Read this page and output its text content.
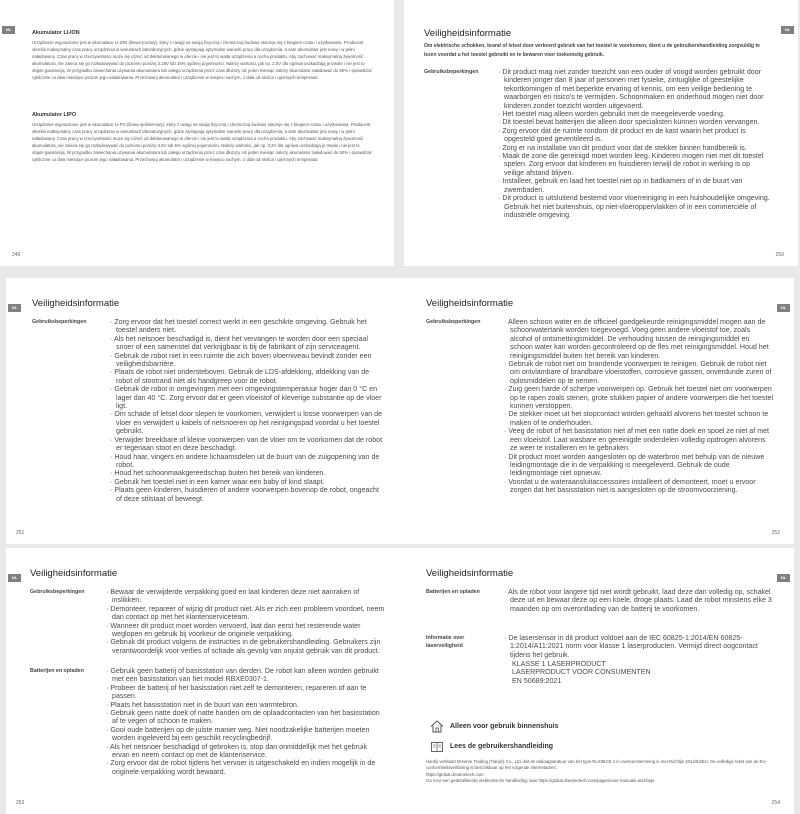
NL
Akumulator LI-ION
Urządzenie wyposażone jest w akumulator LI-ION (litowo-jonowy), który z uwagi na swoją fizyczną i chemiczną budowę starzeje się z biegiem czasu i użytkowania. Producent określa maksymalny czas pracy urządzenia w warunkach laboratoryjnych, gdzie występują optymalne warunki pracy dla urządzenia, a sam akumulator jest nowy i w pełni naładowany. Czas pracy w rzeczywistości może się różnić od deklarowanego w ofercie i nie jest to wada urządzenia a cecha produktu. Aby zachować maksymalną żywotność akumulatora, nie zaleca się go rozładowywać do poziomu poniżej 3,18V lub 15% ogólnej pojemności. Należy wartości, jak np. 2,5V dla ogniwa uszkadzają je trwale i nie jest to objęte gwarancją. W przypadku zaniechania używania akumulatora lub całego urządzenia przez czas dłuższy niż jeden miesiąc należy akumulator naładować do 50% i sprawdzać cyklicznie co dwa miesiące poziom jego naładowania. Przechowuj akumulator i urządzenie w miejscu suchym, z dala od słońca i ujemnych temperatur.
Akumulator LIPO
Urządzenie wyposażone jest w akumulator LI-PO (litowo-polimerowy), który z uwagi na swoją fizyczną i chemiczną budowę starzeje się z biegiem czasu i użytkowania. Producent określa maksymalny czas pracy urządzenia w warunkach laboratoryjnych, gdzie występują optymalne warunki pracy dla urządzenia, a sam akumulator jest nowy i w pełni naładowany. Czas pracy w rzeczywistości może się różnić od deklarowanego w ofercie i nie jest to wada urządzenia a cecha produktu. Aby zachować maksymalną żywotność akumulatora, nie zaleca się go rozładowywać do poziomu poniżej 3,5V lub 5% ogólnej pojemności. Należy wartości, jak np. 3,2V dla ogniwa uszkadzają je trwale i nie jest to objęte gwarancją. W przypadku zaniechania używania akumulatora lub całego urządzenia przez czas dłuższy niż jeden miesiąc należy akumulator naładować do 50% i sprawdzać cyklicznie co dwa miesiące poziom jego naładowania. Przechowuj akumulator i urządzenie w miejscu suchym, z dala od słońca i ujemnych temperatur.
249
NL
Veiligheidsinformatie
Om elektrische schokken, brand of letsel door verkeerd gebruik van het toestel te voorkomen, dient u de gebruikershandleiding zorgvuldig te lezen voordat u het toestel gebruikt en te bewaren voor toekomstig gebruik.
Gebruiksbeperkingen	· Dit product mag niet zonder toezicht van een ouder of voogd worden gebruikt door kinderen jonger dan 8 jaar of personen met fysieke, zintuiglijke of geestelijke tekortkomingen of met beperkte ervaring of kennis, om een veilige bediening te waarborgen en risico's te vermijden. Schoonmaken en onderhoud mogen niet door kinderen zonder toezicht worden uitgevoerd.
· Het toestel mag alleen worden gebruikt met de meegeleverde voeding.
· Dit toestel bevat batterijen die alleen door specialisten kunnen worden vervangen.
· Zorg ervoor dat de ruimte rondom dit product en de kast waarin het product is opgesteld goed geventileerd is.
· Zorg er na installatie van dit product voor dat de stekker binnen handbereik is.
· Maak de zone die gereinigd moet worden leeg. Kinderen mogen niet met dit toestel spelen. Zorg ervoor dat kinderen en huisdieren terwijl de robot in werking is op veilige afstand blijven.
· Installeer, gebruik en laad het toestel niet op in badkamers of in de buurt van zwembaden.
· Dit product is uitsluitend bestemd voor vloerreiniging in een huishoudelijke omgeving. Gebruik het niet buitenshuis, op niet-vloeroppervlakken of in een commerciële of industriële omgeving.
250
NL	Veiligheidsinformatie
Gebruiksbeperkingen	· Zorg ervoor dat het toestel correct werkt in een geschikte omgeving. Gebruik het toestel anders niet.
· Als het netsnoer beschadigd is, dient het vervangen te worden door een speciaal snoer of een samenstel dat verkrijgbaar is bij de fabrikant of zijn serviceagent.
· Gebruik de robot niet in een ruimte die zich boven vloerniveau bevindt zonder een veiligheidsbarrière.
· Plaats de robot niet ondersteboven. Gebruik de LDS-afdekking, afdekking van de robot of stootrand niet als handgreep voor de robot.
· Gebruik de robot in omgevingen met een omgevingstemperatuur hoger dan 0 °C en lager dan 40 °C. Zorg ervoor dat er geen vloeistof of kleverige substantie op de vloer ligt.
· Om schade of letsel door slepen te voorkomen, verwijdert u losse voorwerpen van de vloer en verwijdert u kabels of netsnoeren op het reinigingspad voordat u het toestel gebruikt.
· Verwijder breekbare of kleine voorwerpen van de vloer om te voorkomen dat de robot er tegenaan stoot en deze beschadigt.
· Houd haar, vingers en andere lichaamsdelen uit de buurt van de zuigopening van de robot.
· Houd het schoonmaakgereedschap buiten het bereik van kinderen.
· Gebruik het toestel niet in een kamer waar een baby of kind slaapt.
· Plaats geen kinderen, huisdieren of andere voorwerpen bovenop de robot, ongeacht of deze stilstaat of beweegt.
251
NL
Veiligheidsinformatie
Gebruiksbeperkingen	· Alleen schoon water en de officieel goedgekeurde reinigingsmiddel mogen aan de schoonwatertank worden toegevoegd. Voeg geen andere vloeistof toe, zoals alcohol of ontsmettingsmiddel. De verhouding tussen de reinigingsmiddel en schoon water kan worden gecontroleerd op de fles met reinigingsmiddel. Houd het reinigingsmiddel buiten het bereik van kinderen.
· Gebruik de robot niet om brandende voorwerpen te reinigen. Gebruik de robot niet om ontvlambare of brandbare vloeistoffen, corrosieve gassen, onverdunde zuren of oplosmiddelen op te nemen.
· Zuig geen harde of scherpe voorwerpen op. Gebruik het toestel niet om voorwerpen op te rapen zoals stenen, grote stukken papier of andere voorwerpen die het toestel kunnen verstoppen.
· De stekker moet uit het stopcontact worden gehaald alvorens het toestel schoon te maken of te onderhouden.
· Veeg de robot of het basisstation niet af met een natte doek en spoel ze niet af met een vloeistof. Laat wasbare en gereinigde onderdelen volledig opdrogen alvorens ze weer te installeren en te gebruiken.
· Dit product moet worden aangesloten op de waterbron met behulp van de nieuwe leidingmontage die in de verpakking is meegeleverd. Gebruik de oude leidingmontage niet opnieuw.
· Voordat u de wateraansluitaccessoires installeert of demonteert, moet u ervoor zorgen dat het basisstation niet is aangesloten op de stroomvoorziening.
252
NL	Veiligheidsinformatie
Gebruiksbeperkingen	· Bewaar de verwijderde verpakking goed en laat kinderen deze niet aanraken of inslikken.
· Demonteer, repareer of wijzig dit product niet. Als er zich een probleem voordoet, neem dan contact op met het klantenserviceteam.
· Wanneer dit product moet worden vervoerd, laat dan eerst het resterende water weglopen en gebruik bij voorkeur de originele verpakking.
· Gebruik dit product volgens de instructies in de gebruikershandleiding. Gebruikers zijn verantwoordelijk voor verlies of schade als gevolg van onjuist gebruik van dit product.
Batterijen en opladen	· Gebruik geen batterij of basisstation van derden. De robot kan alleen worden gebruikt met een basisstation van het model RBXE0307-1.
· Probeer de batterij of het basisstation niet zelf te demonteren, repareren of aan te passen.
· Plaats het basisstation niet in de buurt van een warmtebron.
· Gebruik geen natte doek of natte handen om de oplaadcontacten van het basisstation af te vegen of schoon te maken.
· Gooi oude batterijen op de juiste manier weg. Niet noodzakelijke batterijen moeten worden ingeleverd bij een geschikt recyclingbedrijf.
· Als het netsnoer beschadigd of gebroken is, stop dan onmiddellijk met het gebruik ervan en neem contact op met de klantenservice.
· Zorg ervoor dat de robot tijdens het vervoer is uitgeschakeld en indien mogelijk in de originele verpakking wordt bewaard.
253
NL
Veiligheidsinformatie
Batterijen en opladen	· Als de robot voor langere tijd niet wordt gebruikt, laad deze dan volledig op, schakel deze uit en bewaar deze op een koele, droge plaats. Laad de robot minstens elke 3 maanden op om overontlading van de batterij te voorkomen.
Informatie over laserveiligheid
· De lasersensor in dit product voldoet aan de IEC 60825-1:2014/EN 60825-1:2014/A11:2021 norm voor klasse 1 laserproducten. Vermijd direct oogcontact tijdens het gebruik.
KLASSE 1 LASERPRODUCT
LASERPRODUCT VOOR CONSUMENTEN
EN 50689:2021
Alleen voor gebruik binnenshuis
Lees de gebruikershandleiding
Hierbij verklaart Dreame Trading (Tianjin) Co., Ltd. dat de radioapparatuur van het type RLX86CE-1 in overeenstemming is met Richtlijn 2014/53/EU. De volledige tekst van de EU-conformiteitsverklaring is beschikbaar op het volgende internetadres:
https://global.dreametech.com
Ga voor een gedetailleerde elektronische handleiding naar https://global.dreametech.com/pages/user-manuals-and-faqs
254
